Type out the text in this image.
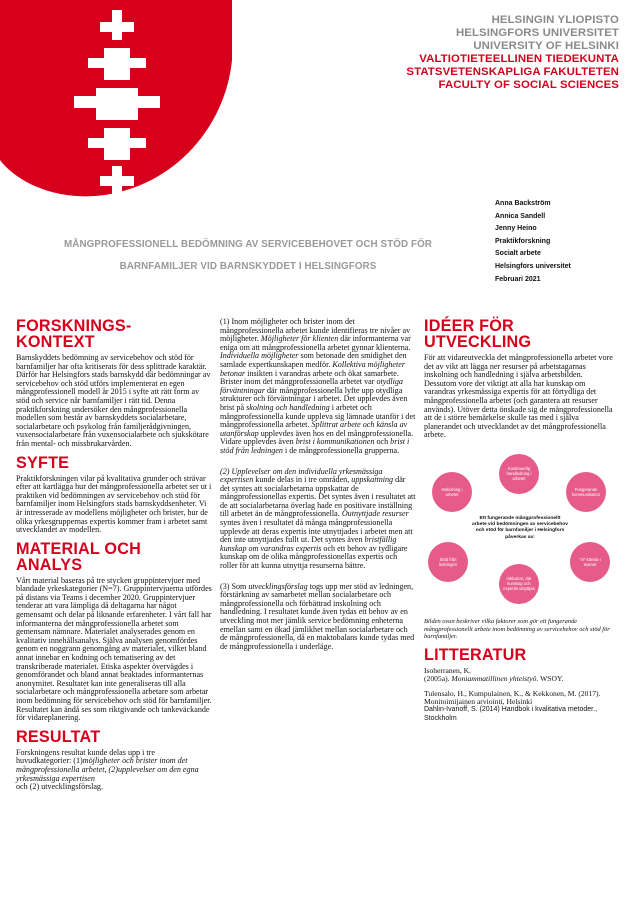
HELSINGIN YLIOPISTO
HELSINGFORS UNIVERSITET
UNIVERSITY OF HELSINKI
VALTIOTIETEELLINEN TIEDEKUNTA
STATSVETENSKAPLIGA FAKULTETEN
FACULTY OF SOCIAL SCIENCES
Anna Backström
Annica Sandell
Jenny Heino
Praktikforskning
Socialt arbete
Helsingfors universitet
Februari 2021
MÅNGPROFESSIONELL BEDÖMNING AV SERVICEBEHOVET OCH STÖD FÖR
BARNFAMILJER VID BARNSKYDDET I HELSINGFORS
FORSKNINGS-
KONTEXT

Barnskyddets bedömning av servicebehov och stöd för barnfamiljer har ofta kritiserats för dess splittrade karaktär. Därför har Helsingfors stads barnskydd där bedömningar av servicebehov och stöd utförs implementerat en egen mångprofessionell modell år 2015 i syfte att rätt form av stöd och service når barnfamiljer i rätt tid. Denna praktikforskning undersöker den mångprofessionella modellen som består av barnskyddets socialarbetare, socialarbetare och psykolog från familjerådgivningen, vuxensocialarbetare från vuxensocialarbete och sjukskötare från mental- och missbrukarvården.

SYFTE

Praktikforskningen vilar på kvalitativa grunder och strävar efter att kartlägga hur det mångprofessionella arbetet ser ut i praktiken vid bedömningen av servicebehov och stöd för barnfamiljer inom Helsingfors stads barnskyddsenheter. Vi är intresserade av modellens möjligheter och brister, hur de olika yrkesgruppernas expertis kommer fram i arbetet samt utvecklandet av modellen.

MATERIAL OCH
ANALYS

Vårt material baseras på tre stycken gruppintervjuer med blandade yrkeskategorier (N=7). Gruppintervjuerna utfördes på distans via Teams i december 2020. Gruppintervjuer tenderar att vara lämpliga då deltagarna har något gemensamt och delar på liknande erfarenheter. I vårt fall har informanterna det mångprofessionella arbetet som gemensam nämnare. Materialet analyserades genom en kvalitativ innehållsanalys. Själva analysen genomfördes genom en noggrann genomgång av materialet, vilket bland annat innebar en kodning och tematisering av det transkriberade materialet. Etiska aspekter övervägdes i genomförandet och bland annat beaktades informanternas anonymitet. Resultatet kan inte generaliseras till alla socialarbetare och mångprofessionella arbetare som arbetar inom bedömning för servicebehov och stöd för barnfamiljer. Resultatet kan ändå ses som riktgivande och tankeväckande för vidareplanering.

RESULTAT

Forskningens resultat kunde delas upp i tre huvudkategorier: (1)möjligheter och brister inom det mångprofessionella arbetet, (2)upplevelser om den egna yrkesmässiga expertisen
och (2) utvecklingsförslag.

(1) Inom möjligheter och brister inom det mångprofessionella arbetet kunde identifieras tre nivåer av möjligheter. Möjligheter för klienten där informanterna var eniga om att mångprofessionella arbetet gynnar klienterna. Individuella möjligheter som betonade den smidighet den samlade expertkunskapen medför. Kollektiva möjligheter betonar insikten i varandras arbete och ökat samarbete. Brister inom det mångprofessionella arbetet var otydliga förväntningar där mångprofessionella lyfte upp otydliga strukturer och förväntningar i arbetet. Det upplevdes även brist på skolning och handledning i arbetet och mångprofessionella kunde uppleva sig lämnade utanför i det mångprofessionella arbetet. Splittrat arbete och känsla av utanförskap upplevdes även hos en del mångprofessionella. Vidare upplevdes även brist i kommunikationen och brist i stöd från ledningen i de mångprofessionella grupperna.

(2) Upplevelser om den individuella yrkesmässiga expertisen kunde delas in i tre områden, uppskattning där det syntes att socialarbetarna uppskattar de mångprofessionellas expertis. Det syntes även i resultatet att de att socialarbetarna överlag hade en positivare inställning till arbetet än de mångprofessionella. Outnyttjade resurser syntes även i resultatet då många mångprofessionella upplevde att deras expertis inte utnyttjades i arbetet men att den inte utnyttjades fullt ut. Det syntes även bristfällig kunskap om varandras expertis och ett behov av tydligare kunskap om de olika mångprofessionellas expertis och roller för att kunna utnyttja resurserna bättre.

(3) Som utvecklingsförslag togs upp mer stöd av ledningen, förstärkning av samarbetet mellan socialarbetare och mångprofessionella och förbättrad inskolning och handledning. I resultatet kunde även tydas ett behov av en utveckling mot mer jämlik service bedömning enheterna emellan samt en ökad jämlikhet mellan socialarbetare och de mångprofessionella, då en maktobalans kunde tydas med de mångprofessionella i underläge.

IDÉER FÖR
UTVECKLING

För att vidareutveckla det mångprofessionella arbetet vore det av vikt att lägga ner resurser på arbetstagarnas inskolning och handledning i själva arbetsbilden. Dessutom vore det viktigt att alla har kunskap om varandras yrkesmässiga expertis för att förtydliga det mångprofessionella arbetet (och garantera att resurser används). Utöver detta önskade sig de mångprofessionella att de i större bemärkelse skulle tas med i själva planerandet och utvecklandet av det mångprofessionella arbete.

Inskolning i arbetet
Kontinuerlig handledning i arbetet
Fungerande kommunikation
"vi"-känsla i teamet
Inklusion, där kunskap och expertis utnyttjas
Stöd från ledningen
Ett fungerande mångprofessionellt arbete vid bedömningen av servicebehov och stöd för barnfamiljer i Helsingfors påverkas av:

Bilden ovan beskriver vilka faktorer som gör ett fungerande mångprofessionellt arbete inom bedömning av servicebehov och stöd för barnfamiljer.

LITTERATUR

Isoherranen, K.
(2005a). Moniammatillinen yhteistyö. WSOY.

Tulensalo, H., Kumpulainen, K., & Kekkonen, M. (2017). Monitoimijainen arviointi, Helsinki

Dahlin-Ivanoff, S. (2014) Handbok i kvalitativa metoder., Stockholm
